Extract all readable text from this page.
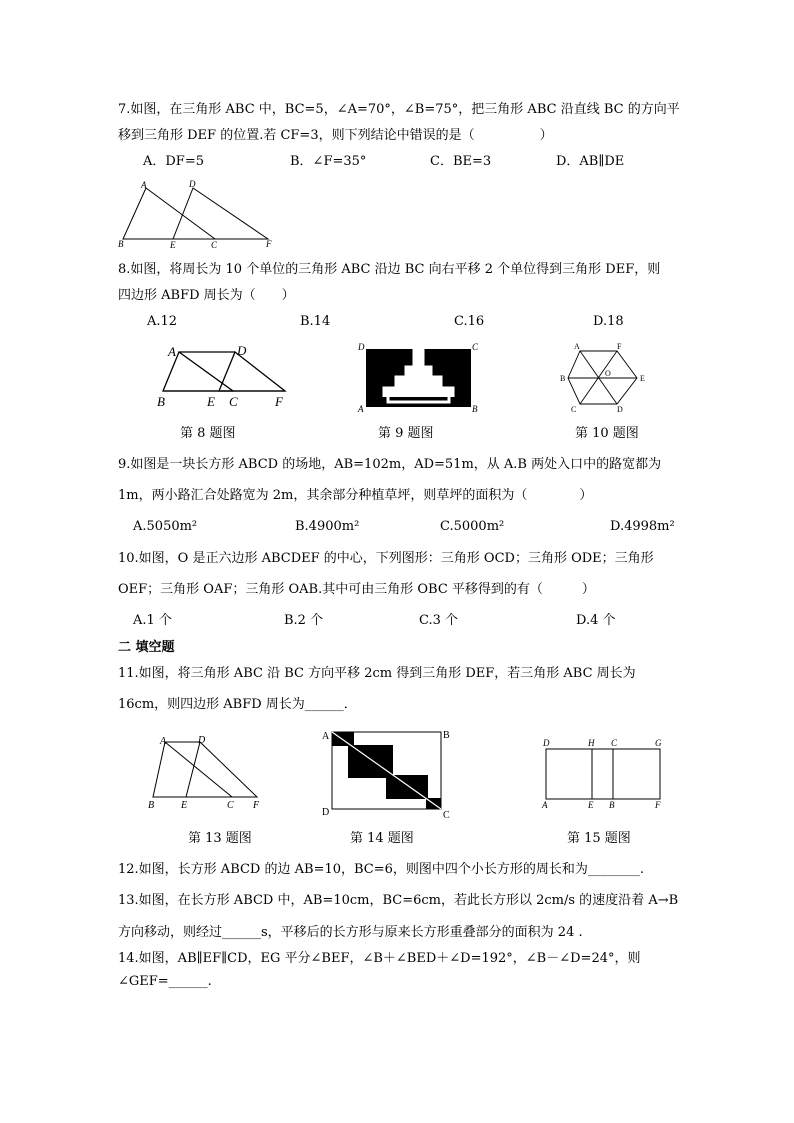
7.如图，在三角形 ABC 中，BC=5，∠A=70°，∠B=75°，把三角形 ABC 沿直线 BC 的方向平
移到三角形 DEF 的位置.若 CF=3，则下列结论中错误的是（　　　　　）
A．DF=5	B．∠F=35°	C．BE=3	D．AB∥DE
A	D
B	E	C	F
8.如图，将周长为 10 个单位的三角形 ABC 沿边 BC 向右平移 2 个单位得到三角形 DEF，则
四边形 ABFD 周长为（　　）
A.12	B.14	C.16	D.18
A	D
B	E C	F
D	C
A	B
A	F
B
O
E
C	D
第 8 题图	第 9 题图	第 10 题图
9.如图是一块长方形 ABCD 的场地，AB=102m，AD=51m，从 A.B 两处入口中的路宽都为
1m，两小路汇合处路宽为 2m，其余部分种植草坪，则草坪的面积为（　　　　）
A.5050m²	B.4900m²	C.5000m²	D.4998m²
10.如图，O 是正六边形 ABCDEF 的中心，下列图形：三角形 OCD；三角形 ODE；三角形
OEF；三角形 OAF；三角形 OAB.其中可由三角形 OBC 平移得到的有（　　　）
A.1 个	B.2 个	C.3 个	D.4 个
二 填空题
11.如图，将三角形 ABC 沿 BC 方向平移 2cm 得到三角形 DEF，若三角形 ABC 周长为
16cm，则四边形 ABFD 周长为______．
A	D
B	E	C F
A	B
D	C
D	H C	G
A	E B	F
第 13 题图	第 14 题图	第 15 题图
12.如图，长方形 ABCD 的边 AB=10，BC=6，则图中四个小长方形的周长和为________.
13.如图，在长方形 ABCD 中，AB=10cm，BC=6cm，若此长方形以 2cm/s 的速度沿着 A→B
方向移动，则经过______s，平移后的长方形与原来长方形重叠部分的面积为 24 .
14.如图，AB∥EF∥CD，EG 平分∠BEF，∠B＋∠BED＋∠D=192°，∠B－∠D=24°，则
∠GEF=______.
